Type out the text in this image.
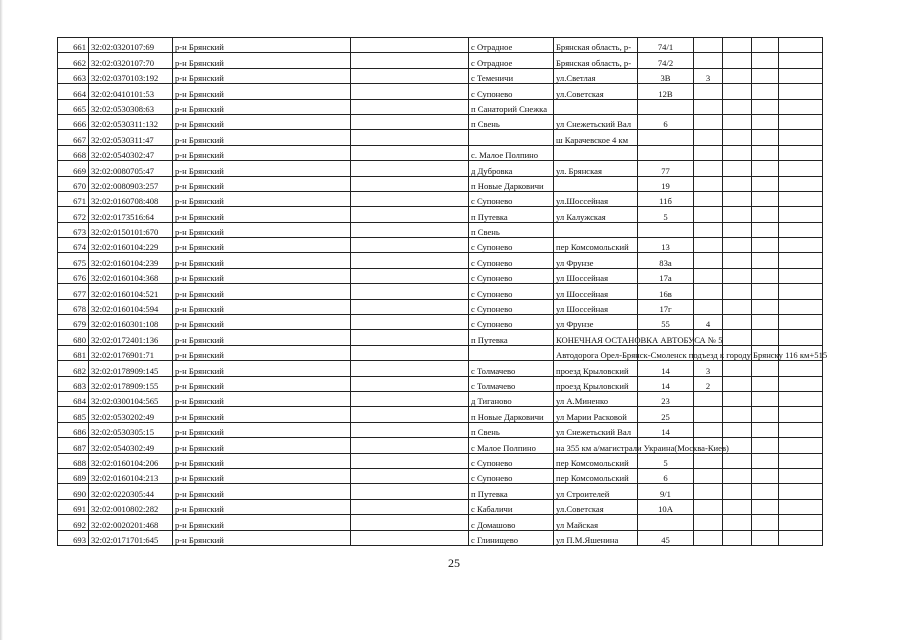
661	32:02:0320107:69	р-н Брянский		с Отрадное	Брянская область, р-	74/1				
662	32:02:0320107:70	р-н Брянский		с Отрадное	Брянская область, р-	74/2				
663	32:02:0370103:192	р-н Брянский		с Теменичи	ул.Светлая	3В	3			
664	32:02:0410101:53	р-н Брянский		с Супонево	ул.Советская	12В				
665	32:02:0530308:63	р-н Брянский		п Санаторий Снежка						
666	32:02:0530311:132	р-н Брянский		п Свень	ул Снежетьский Вал	6				
667	32:02:0530311:47	р-н Брянский			ш Карачевское 4 км					
668	32:02:0540302:47	р-н Брянский		с. Малое Полпино						
669	32:02:0080705:47	р-н Брянский		д Дубровка	ул. Брянская	77				
670	32:02:0080903:257	р-н Брянский		п Новые Дарковичи		19				
671	32:02:0160708:408	р-н Брянский		с Супонево	ул.Шоссейная	11б				
672	32:02:0173516:64	р-н Брянский		п Путевка	ул Калужская	5				
673	32:02:0150101:670	р-н Брянский		п Свень						
674	32:02:0160104:229	р-н Брянский		с Супонево	пер Комсомольский	13				
675	32:02:0160104:239	р-н Брянский		с Супонево	ул Фрунзе	83а				
676	32:02:0160104:368	р-н Брянский		с Супонево	ул Шоссейная	17а				
677	32:02:0160104:521	р-н Брянский		с Супонево	ул Шоссейная	16в				
678	32:02:0160104:594	р-н Брянский		с Супонево	ул Шоссейная	17г				
679	32:02:0160301:108	р-н Брянский		с Супонево	ул Фрунзе	55	4			
680	32:02:0172401:136	р-н Брянский		п Путевка	КОНЕЧНАЯ ОСТАНОВКА АВТОБУСА № 5					
681	32:02:0176901:71	р-н Брянский			Автодорога Орел-Брянск-Смоленск подъезд к городу Брянску 116 км+515					
682	32:02:0178909:145	р-н Брянский		с Толмачево	проезд Крыловский	14	3			
683	32:02:0178909:155	р-н Брянский		с Толмачево	проезд Крыловский	14	2			
684	32:02:0300104:565	р-н Брянский		д Тиганово	ул А.Миненко	23				
685	32:02:0530202:49	р-н Брянский		п Новые Дарковичи	ул Марии Расковой	25				
686	32:02:0530305:15	р-н Брянский		п Свень	ул Снежетьский Вал	14				
687	32:02:0540302:49	р-н Брянский		с Малое Полпино	на 355 км а/магистрали Украина(Москва-Киев)					
688	32:02:0160104:206	р-н Брянский		с Супонево	пер Комсомольский	5				
689	32:02:0160104:213	р-н Брянский		с Супонево	пер Комсомольский	6				
690	32:02:0220305:44	р-н Брянский		п Путевка	ул Строителей	9/1				
691	32:02:0010802:282	р-н Брянский		с Кабаличи	ул.Советская	10А				
692	32:02:0020201:468	р-н Брянский		с Домашово	ул Майская					
693	32:02:0171701:645	р-н Брянский		с Глинищево	ул П.М.Яшенина	45				
25
